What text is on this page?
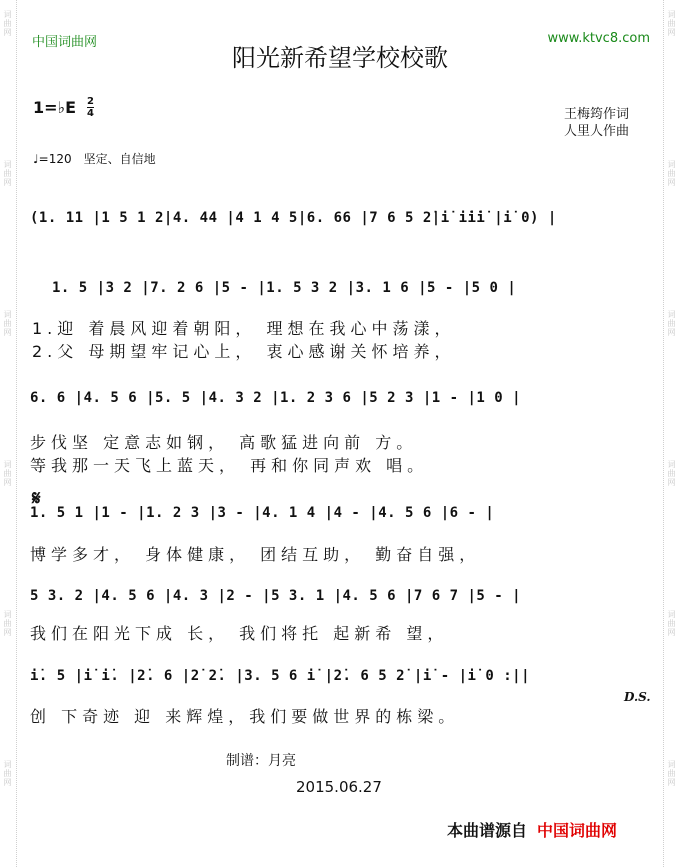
词曲网
词曲网
词曲网
词曲网
词曲网
词曲网
词曲网
词曲网
词曲网
词曲网
词曲网
词曲网
中国词曲网	www.ktvc8.com
阳光新希望学校校歌
1=♭E 2
4	王梅筠作词
人里人作曲
♩=120 坚定、自信地
(1. 11 |1 5 1 2|4. 44 |4 1 4 5|6. 66 |7 6 5 2̇|i̇ i̇i̇i̇ |i̇ 0) |
1. 5 |3 2 |7. 2 6 |5 - |1. 5 3 2 |3. 1 6 |5 - |5 0 |
1.迎 着晨风迎着朝阳， 理想在我心中荡漾，
2.父 母期望牢记心上， 衷心感谢关怀培养，
6. 6 |4. 5 6 |5. 5 |4. 3 2 |1. 2 3 6 |5 2 3 |1 - |1 0 |
步伐坚 定意志如钢， 高歌猛进向前 方。
等我那一天飞上蓝天， 再和你同声欢 唱。
𝄋
1. 5 1 |1 - |1. 2 3 |3 - |4. 1 4 |4 - |4. 5 6 |6 - |
博学多才， 身体健康， 团结互助， 勤奋自强，
5 3. 2 |4. 5 6 |4. 3 |2 - |5 3. 1 |4. 5 6 |7 6 7 |5 - |
我们在阳光下成 长， 我们将托 起新希 望，
i̇. 5 |i̇ i̇. |2̇. 6 |2̇ 2̇. |3. 5 6 i̇ |2̇. 6 5 2̇ |i̇ - |i̇ 0 :||
D.S.
创 下奇迹 迎 来辉煌，我们要做世界的栋梁。
制谱：月亮
2015.06.27
本曲谱源自 中国词曲网
